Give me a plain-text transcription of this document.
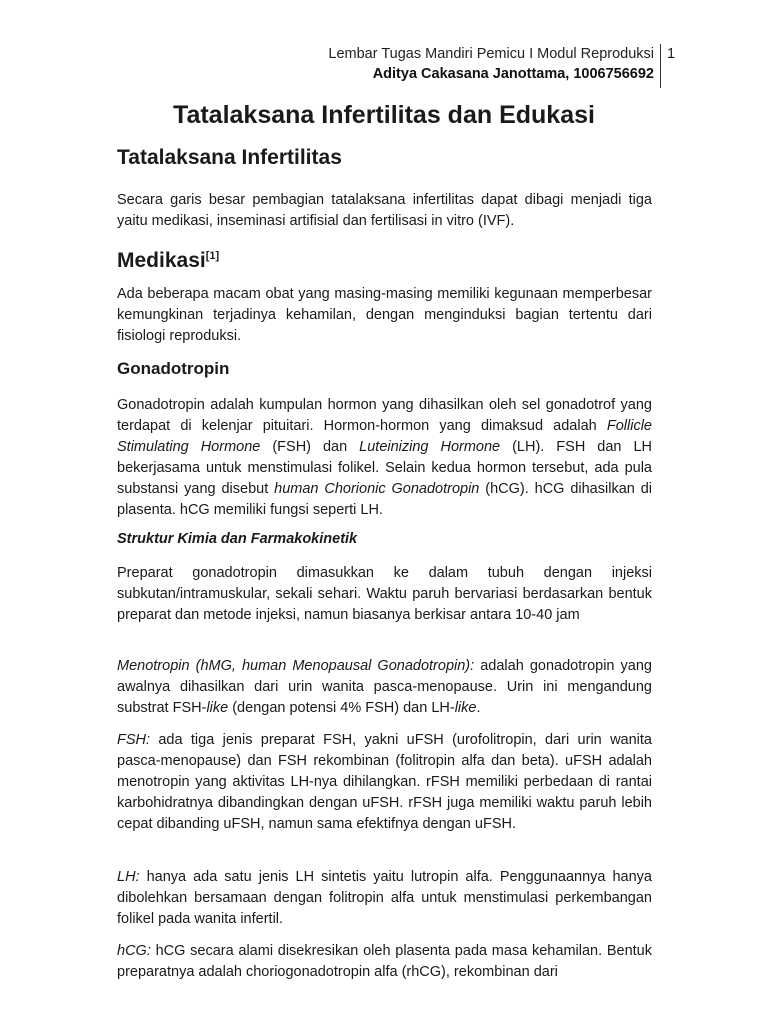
Lembar Tugas Mandiri Pemicu I Modul Reproduksi
Aditya Cakasana Janottama, 1006756692
1
Tatalaksana Infertilitas dan Edukasi
Tatalaksana Infertilitas

Secara garis besar pembagian tatalaksana infertilitas dapat dibagi menjadi tiga yaitu medikasi, inseminasi artifisial dan fertilisasi in vitro (IVF).

Medikasi[1]

Ada beberapa macam obat yang masing-masing memiliki kegunaan memperbesar kemungkinan terjadinya kehamilan, dengan menginduksi bagian tertentu dari fisiologi reproduksi.

Gonadotropin

Gonadotropin adalah kumpulan hormon yang dihasilkan oleh sel gonadotrof yang terdapat di kelenjar pituitari. Hormon-hormon yang dimaksud adalah Follicle Stimulating Hormone (FSH) dan Luteinizing Hormone (LH). FSH dan LH bekerjasama untuk menstimulasi folikel. Selain kedua hormon tersebut, ada pula substansi yang disebut human Chorionic Gonadotropin (hCG). hCG dihasilkan di plasenta. hCG memiliki fungsi seperti LH.

Struktur Kimia dan Farmakokinetik

Preparat gonadotropin dimasukkan ke dalam tubuh dengan injeksi subkutan/intramuskular, sekali sehari. Waktu paruh bervariasi berdasarkan bentuk preparat dan metode injeksi, namun biasanya berkisar antara 10-40 jam

Menotropin (hMG, human Menopausal Gonadotropin): adalah gonadotropin yang awalnya dihasilkan dari urin wanita pasca-menopause. Urin ini mengandung substrat FSH-like (dengan potensi 4% FSH) dan LH-like.

FSH: ada tiga jenis preparat FSH, yakni uFSH (urofolitropin, dari urin wanita pasca-menopause) dan FSH rekombinan (folitropin alfa dan beta). uFSH adalah menotropin yang aktivitas LH-nya dihilangkan. rFSH memiliki perbedaan di rantai karbohidratnya dibandingkan dengan uFSH. rFSH juga memiliki waktu paruh lebih cepat dibanding uFSH, namun sama efektifnya dengan uFSH.

LH: hanya ada satu jenis LH sintetis yaitu lutropin alfa. Penggunaannya hanya dibolehkan bersamaan dengan folitropin alfa untuk menstimulasi perkembangan folikel pada wanita infertil.

hCG: hCG secara alami disekresikan oleh plasenta pada masa kehamilan. Bentuk preparatnya adalah choriogonadotropin alfa (rhCG), rekombinan dari
